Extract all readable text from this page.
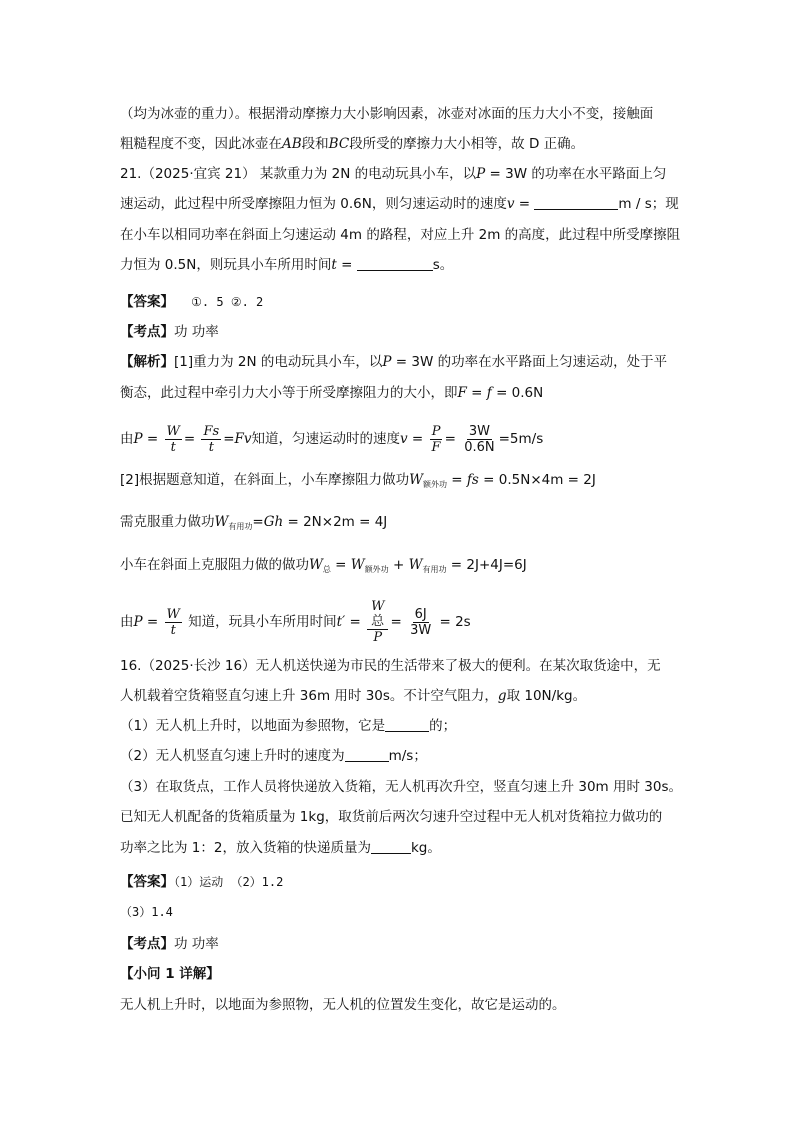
（均为冰壶的重力）。根据滑动摩擦力大小影响因素，冰壶对冰面的压力大小不变，接触面
粗糙程度不变，因此冰壶在AB段和BC段所受的摩擦力大小相等，故 D 正确。
21.（2025·宜宾 21） 某款重力为 2N 的电动玩具小车，以P = 3W 的功率在水平路面上匀
速运动，此过程中所受摩擦阻力恒为 0.6N，则匀速运动时的速度v =	m / s；现
在小车以相同功率在斜面上匀速运动 4m 的路程，对应上升 2m 的高度，此过程中所受摩擦阻
力恒为 0.5N，则玩具小车所用时间t =	s。
【答案】 ①. 5 ②. 2
【考点】功 功率
【解析】[1]重力为 2N 的电动玩具小车，以P = 3W 的功率在水平路面上匀速运动，处于平
衡态，此过程中牵引力大小等于所受摩擦阻力的大小，即F = f = 0.6N
由$P = \frac{W}{t} = \frac{Fs}{t} =Fv$知道，匀速运动时的速度$v = \frac{P}{F} = \frac{3W}{0.6N} =5m/s$
[2]根据题意知道，在斜面上，小车摩擦阻力做功$W_{额外功}$ = fs = 0.5N×4m = 2J
需克服重力做功$W_{有用功}=Gh = 2N\times 2m = 4J$
小车在斜面上克服阻力做的做功$W_总 = W_{额外功} + W_{有用功} = 2J+4J=6J$
由$P = \frac{W}{t}$ 知道，玩具小车所用时间t′ = W
总
$P = \frac{6J}{3W} = 2s$
16.（2025·长沙 16）无人机送快递为市民的生活带来了极大的便利。在某次取货途中，无
人机载着空货箱竖直匀速上升 36m 用时 30s。不计空气阻力，g取 10N/kg。
（1）无人机上升时，以地面为参照物，它是	的；
（2）无人机竖直匀速上升时的速度为	m/s；
（3）在取货点，工作人员将快递放入货箱，无人机再次升空，竖直匀速上升 30m 用时 30s。
已知无人机配备的货箱质量为 1kg，取货前后两次匀速升空过程中无人机对货箱拉力做功的
功率之比为 1：2，放入货箱的快递质量为	kg。
【答案】（1）运动 （2）1.2
（3）1.4
【考点】功 功率
【小问 1 详解】
无人机上升时，以地面为参照物，无人机的位置发生变化，故它是运动的。
